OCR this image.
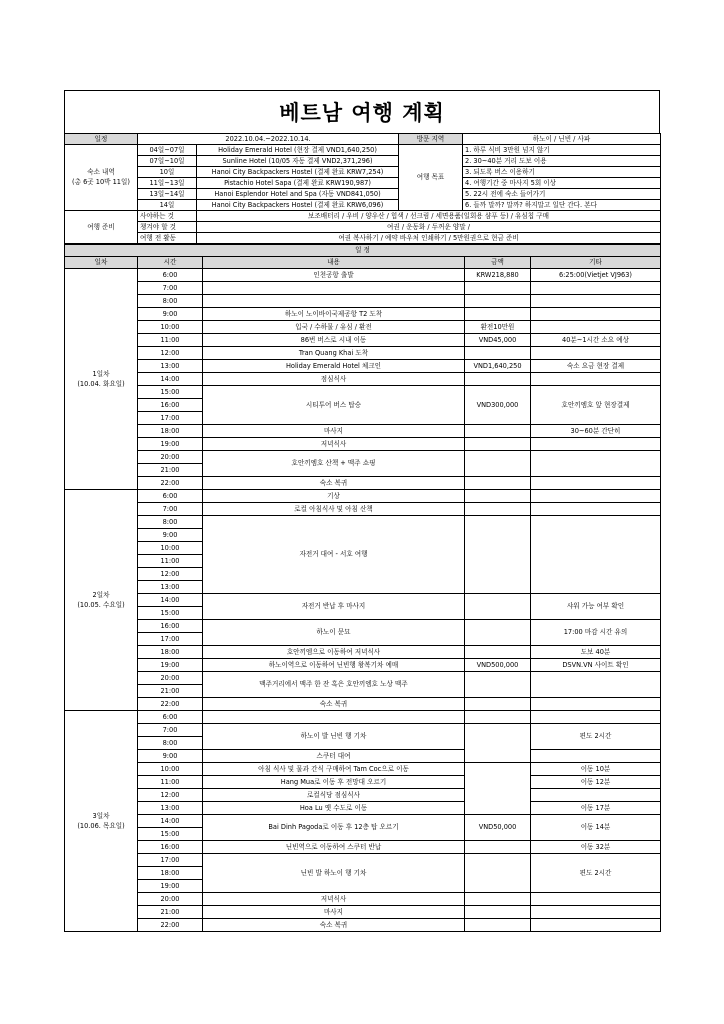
베트남 여행 계획
일정	2022.10.04.~2022.10.14.		방문 지역	하노이 / 닌빈 / 사파

숙소 내역
(총 6곳 10박 11일)	04일~07일	Holiday Emerald Hotel (현장 결제 VND1,640,250)	여행 목표	1. 하루 식비 3만원 넘지 않기
	07일~10일	Sunline Hotel (10/05 자동 결제 VND2,371,296)		2. 30~40분 거리 도보 이용
	10일	Hanoi City Backpackers Hostel (결제 완료 KRW7,254)		3. 되도록 버스 이용하기
	11일~13일	Pistachio Hotel Sapa (결제 완료 KRW190,987)		4. 여행기간 중 마사지 5회 이상
	13일~14일	Hanoi Esplendor Hotel and Spa (자동 VND841,050)		5. 22시 전에 숙소 들어가기
	14일	Hanoi City Backpackers Hostel (결제 완료 KRW6,096)		6. 들까 말까? 말까? 하지말고 일단 간다. 본다
여행 준비	사야하는 것	보조배터리 / 우비 / 양우산 / 힙색 / 선크림 / 세면용품(일회용 샴푸 등) / 유심칩 구매		
	챙겨야 할 것	여권 / 운동화 / 두꺼운 양말 /		
	여행 전 활동	여권 복사하기 / 예약 바우처 인쇄하기 / 5만원권으로 현금 준비		
일 정				
일차	시간	내용	금액	기타

1일차
(10.04. 화요일)	6:00	인천공항 출발	KRW218,880	6:25:00(Vietjet VJ963)
	7:00			
	8:00			
	9:00	하노이 노이바이국제공항 T2 도착		
	10:00	입국 / 수하물 / 유심 / 환전	환전10만원	
	11:00	86번 버스로 시내 이동	VND45,000	40분~1시간 소요 예상
	12:00	Tran Quang Khai 도착		
	13:00	Holiday Emerald Hotel 체크인	VND1,640,250	숙소 요금 현장 결제
	14:00	점심식사		
	15:00	시티투어 버스 탑승	VND300,000	호안끼엠호 앞 현장결제
	16:00			
	17:00			
	18:00	마사지		30~60분 간단히
	19:00	저녁식사		
	20:00	호안끼엠호 산책 + 맥주 쇼핑		
	21:00			
	22:00	숙소 복귀		

2일차
(10.05. 수요일)	6:00	기상		
	7:00	로컬 아침식사 및 아침 산책		
	8:00	자전거 대여 - 서호 여행		
	9:00			
	10:00			
	11:00			
	12:00			
	13:00			
	14:00	자전거 반납 후 마사지		샤워 가능 여부 확인
	15:00			
	16:00	하노이 문묘		17:00 마감 시간 유의
	17:00			
	18:00	호안끼엠으로 이동하여 저녁식사		도보 40분
	19:00	하노이역으로 이동하여 닌빈행 왕복기차 예매	VND500,000	DSVN.VN 사이트 확인
	20:00	맥주거리에서 맥주 한 잔 혹은 호안끼엠호 노상 맥주		
	21:00			
	22:00	숙소 복귀		

3일차
(10.06. 목요일)	6:00			
	7:00	하노이 발 닌빈 행 기차		편도 2시간
	8:00			
	9:00	스쿠터 대여		
	10:00	아침 식사 및 물과 간식 구매하여 Tam Coc으로 이동		이동 10분
	11:00	Hang Mua로 이동 후 전망대 오르기		이동 12분
	12:00	로컬식당 점심식사		
	13:00	Hoa Lu 옛 수도로 이동		이동 17분
	14:00	Bai Dinh Pagoda로 이동 후 12층 탑 오르기	VND50,000	이동 14분
	15:00			
	16:00	닌빈역으로 이동하여 스쿠터 반납		이동 32분
	17:00	닌빈 발 하노이 행 기차		편도 2시간
	18:00			
	19:00			
	20:00	저녁식사		
	21:00	마사지		
	22:00	숙소 복귀		
